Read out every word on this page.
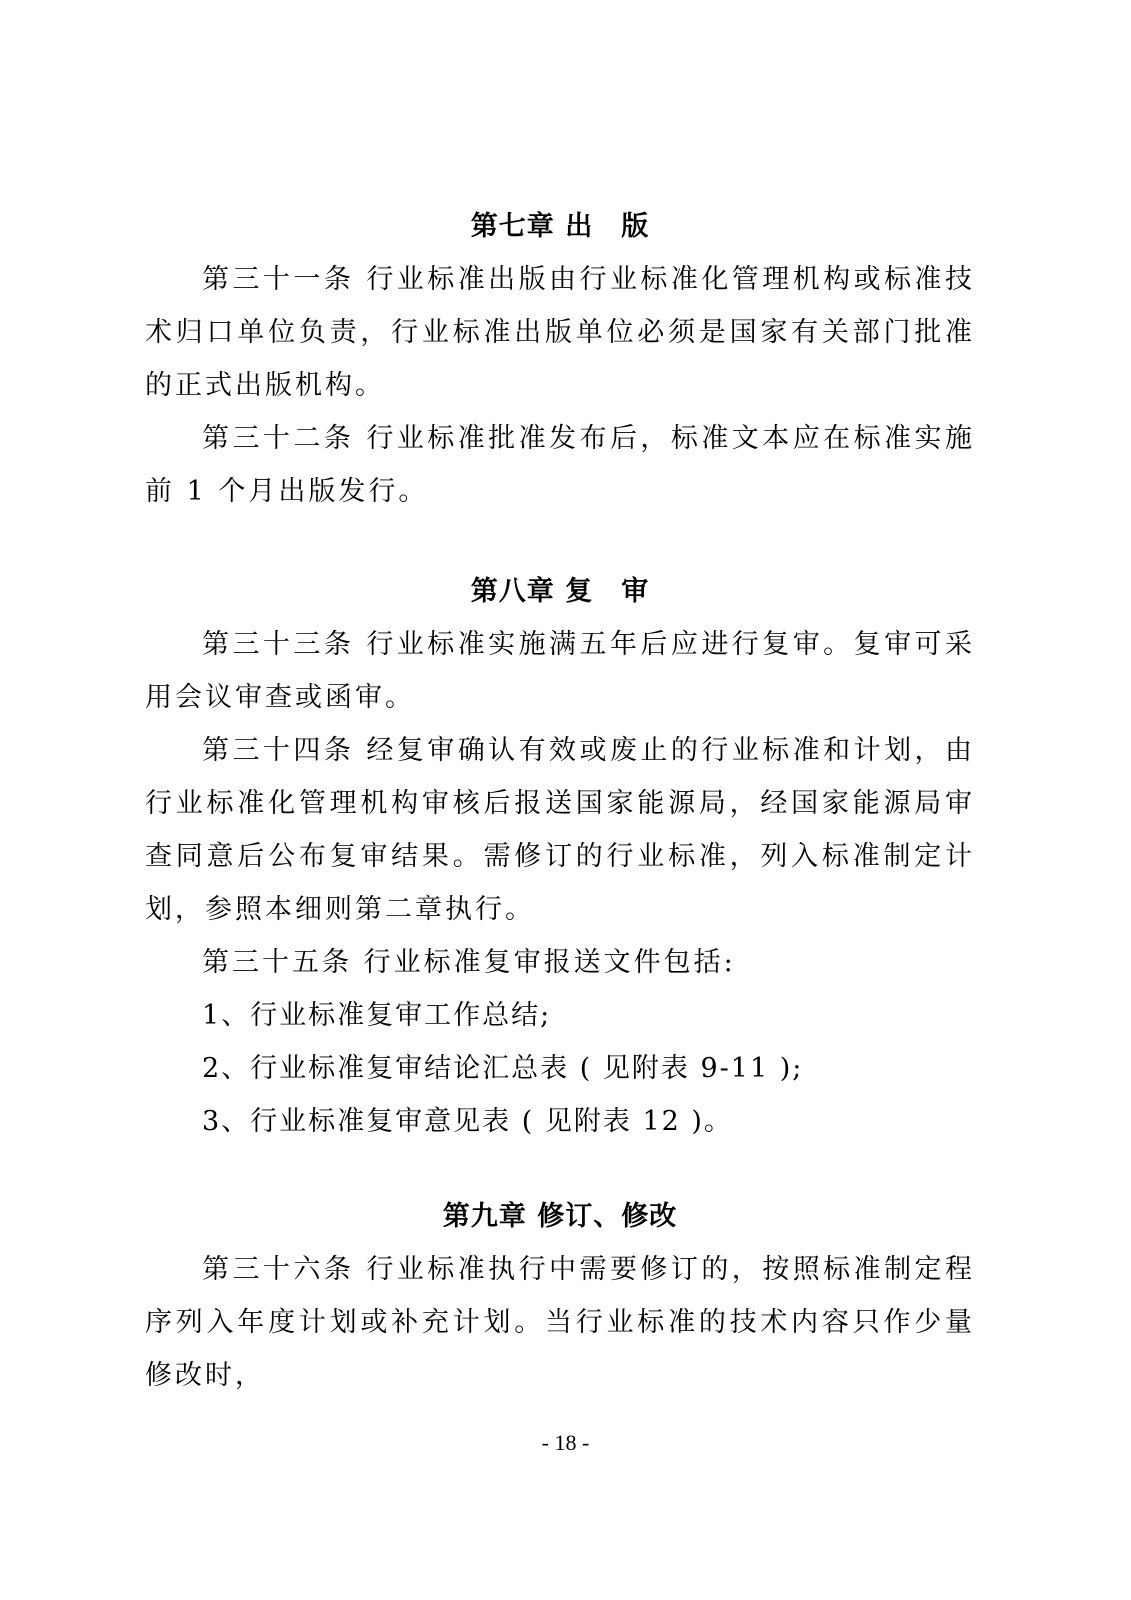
第七章 出　版

第三十一条 行业标准出版由行业标准化管理机构或标准技术归口单位负责，行业标准出版单位必须是国家有关部门批准的正式出版机构。

第三十二条 行业标准批准发布后，标准文本应在标准实施前 1 个月出版发行。

第八章 复　审

第三十三条 行业标准实施满五年后应进行复审。复审可采用会议审查或函审。

第三十四条 经复审确认有效或废止的行业标准和计划，由行业标准化管理机构审核后报送国家能源局，经国家能源局审查同意后公布复审结果。需修订的行业标准，列入标准制定计划，参照本细则第二章执行。

第三十五条 行业标准复审报送文件包括:

1、行业标准复审工作总结;

2、行业标准复审结论汇总表 ( 见附表 9-11 );

3、行业标准复审意见表 ( 见附表 12 )。

第九章 修订、修改

第三十六条 行业标准执行中需要修订的，按照标准制定程序列入年度计划或补充计划。当行业标准的技术内容只作少量修改时，

- 18 -
